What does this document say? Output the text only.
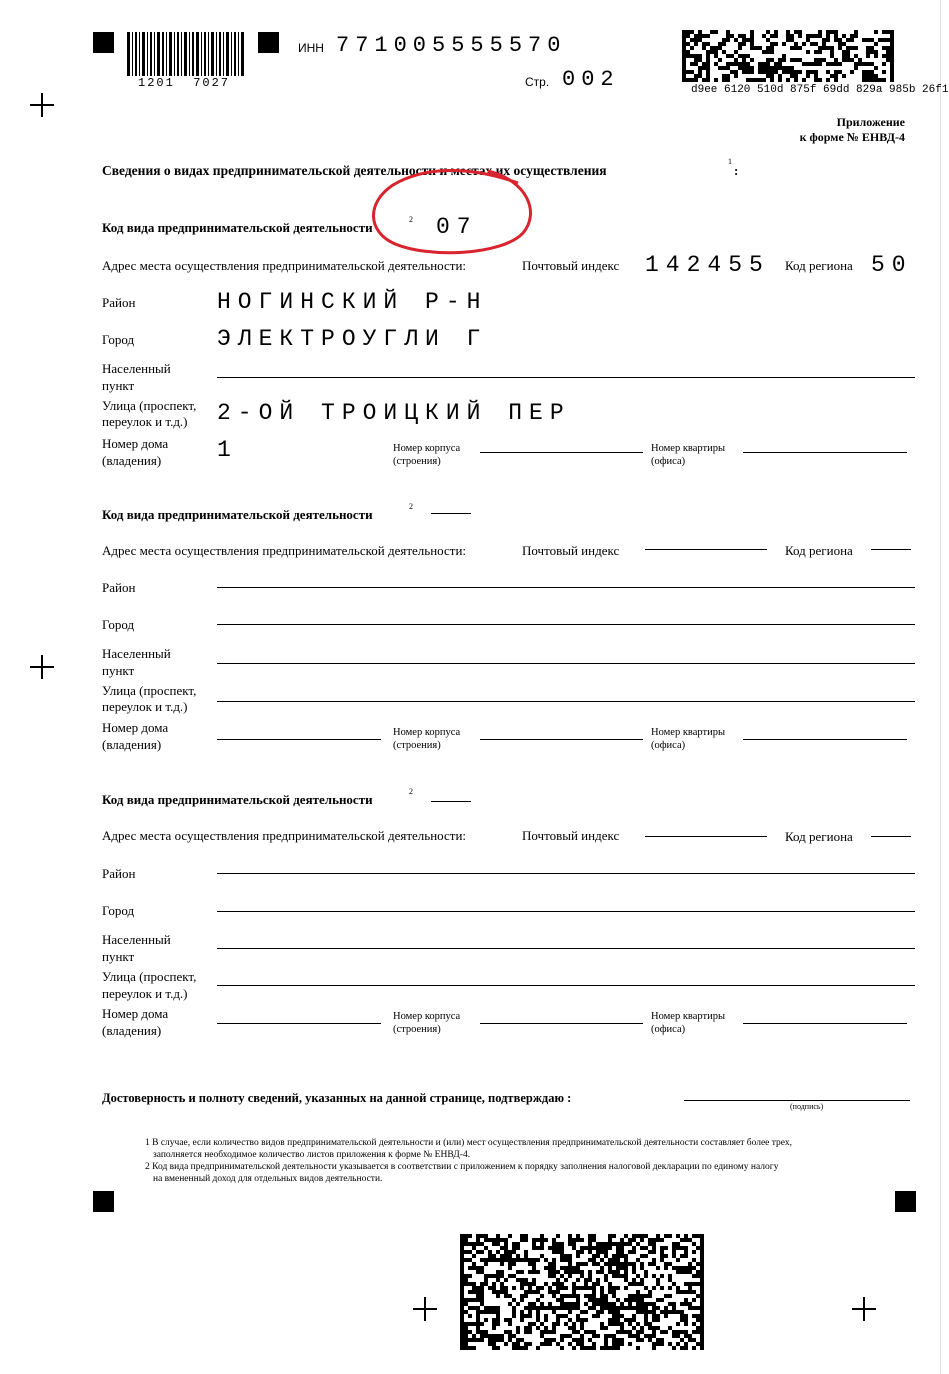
1201  7027
ИНН 771005555570
Стр. 002	d9ee 6120 510d 875f 69dd 829a 985b 26f1
Приложение
к форме № ЕНВД-4
Сведения о видах предпринимательской деятельности и местах их осуществления
1
:
Код вида предпринимательской деятельности
2 07
Адрес места осуществления предпринимательской деятельности:	Почтовый индекс 142455 Код региона 50
Район	НОГИНСКИЙ Р-Н
Город	ЭЛЕКТРОУГЛИ Г
Населенный
пункт
Улица (проспект,
переулок и т.д.) 2-ОЙ ТРОИЦКИЙ ПЕР
Номер дома
(владения) 1	Номер корпуса
(строения)
Номер квартиры
(офиса)
Код вида предпринимательской деятельности
2
Адрес места осуществления предпринимательской деятельности:	Почтовый индекс	Код региона
Район
Город
Населенный
пункт
Улица (проспект,
переулок и т.д.)
Номер дома
(владения)
Номер корпуса
(строения)
Номер квартиры
(офиса)
Код вида предпринимательской деятельности
2
Адрес места осуществления предпринимательской деятельности:	Почтовый индекс	Код региона
Район
Город
Населенный
пункт
Улица (проспект,
переулок и т.д.)
Номер дома
(владения)
Номер корпуса
(строения)
Номер квартиры
(офиса)
Достоверность и полноту сведений, указанных на данной странице, подтверждаю :
(подпись)
1 В случае, если количество видов предпринимательской деятельности и (или) мест осуществления предпринимательской деятельности составляет более трех,
заполняется необходимое количество листов приложения к форме № ЕНВД-4.
2 Код вида предпринимательской деятельности указывается в соответствии с приложением к порядку заполнения налоговой декларации по единому налогу
на вмененный доход для отдельных видов деятельности.
